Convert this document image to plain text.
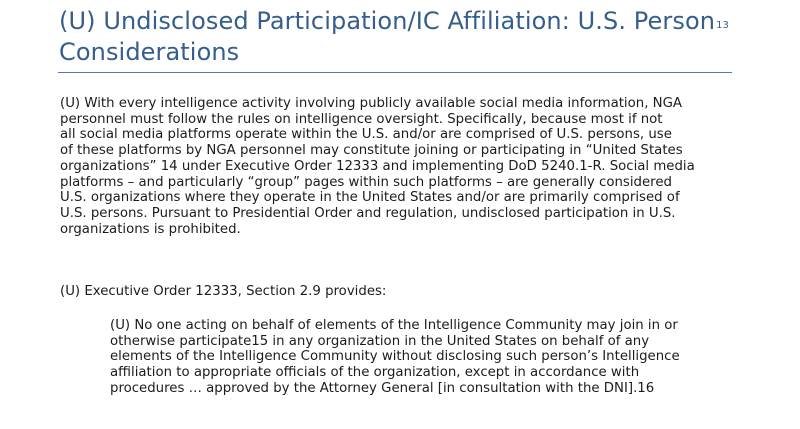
(U) Undisclosed Participation/IC Affiliation: U.S. Person$^{13}$
Considerations

(U) With every intelligence activity involving publicly available social media information, NGA
personnel must follow the rules on intelligence oversight. Specifically, because most if not
all social media platforms operate within the U.S. and/or are comprised of U.S. persons, use
of these platforms by NGA personnel may constitute joining or participating in “United States
organizations” 14 under Executive Order 12333 and implementing DoD 5240.1-R. Social media
platforms – and particularly “group” pages within such platforms – are generally considered
U.S. organizations where they operate in the United States and/or are primarily comprised of
U.S. persons. Pursuant to Presidential Order and regulation, undisclosed participation in U.S.
organizations is prohibited.

(U) Executive Order 12333, Section 2.9 provides:

(U) No one acting on behalf of elements of the Intelligence Community may join in or
otherwise participate15 in any organization in the United States on behalf of any
elements of the Intelligence Community without disclosing such person’s Intelligence
affiliation to appropriate officials of the organization, except in accordance with
procedures … approved by the Attorney General [in consultation with the DNI].16
